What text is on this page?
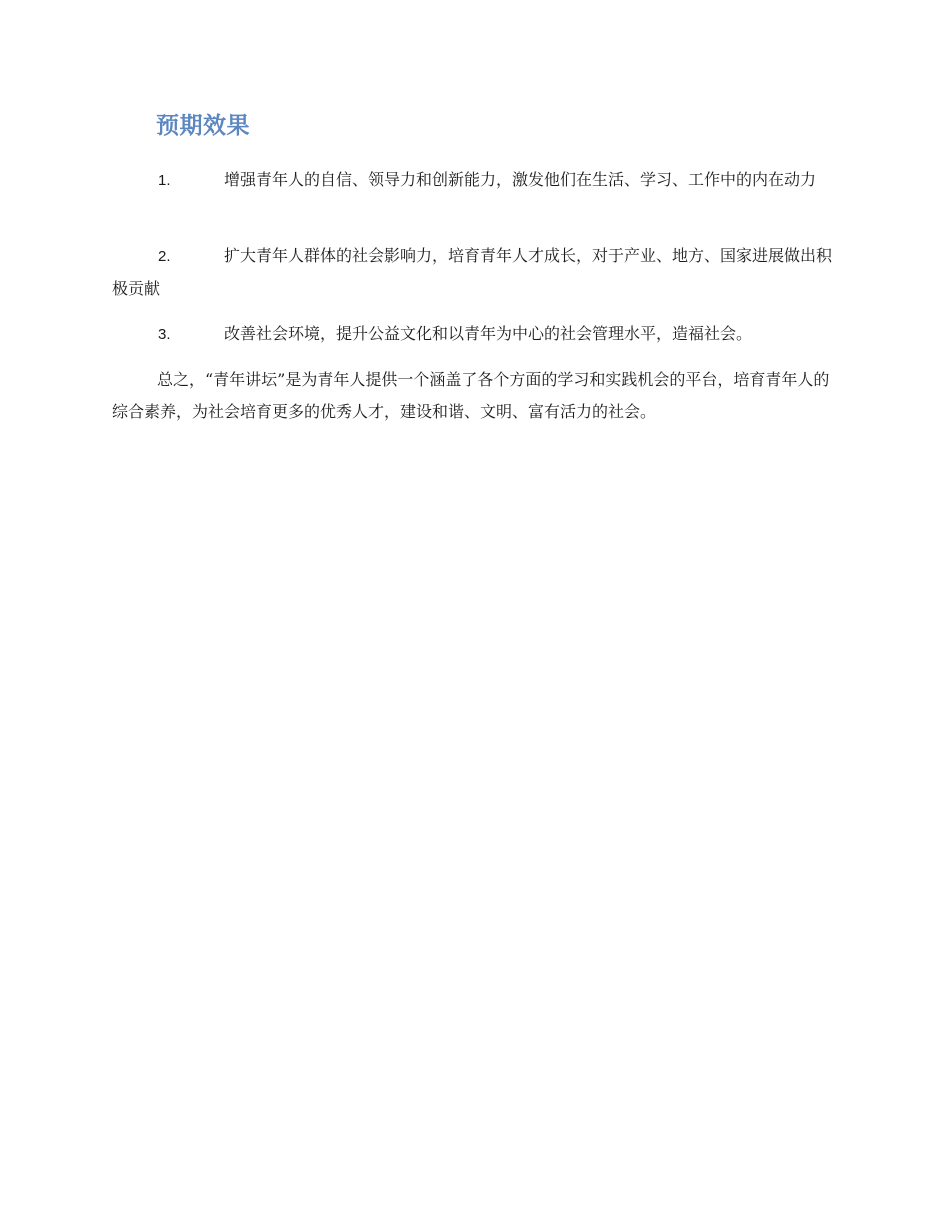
预期效果

1.	增强青年人的自信、领导力和创新能力，激发他们在生活、学习、工作中的内在动力

2.	扩大青年人群体的社会影响力，培育青年人才成长，对于产业、地方、国家进展做出积极贡献

3.	改善社会环境，提升公益文化和以青年为中心的社会管理水平，造福社会。

总之，“青年讲坛”是为青年人提供一个涵盖了各个方面的学习和实践机会的平台，培育青年人的综合素养，为社会培育更多的优秀人才，建设和谐、文明、富有活力的社会。
